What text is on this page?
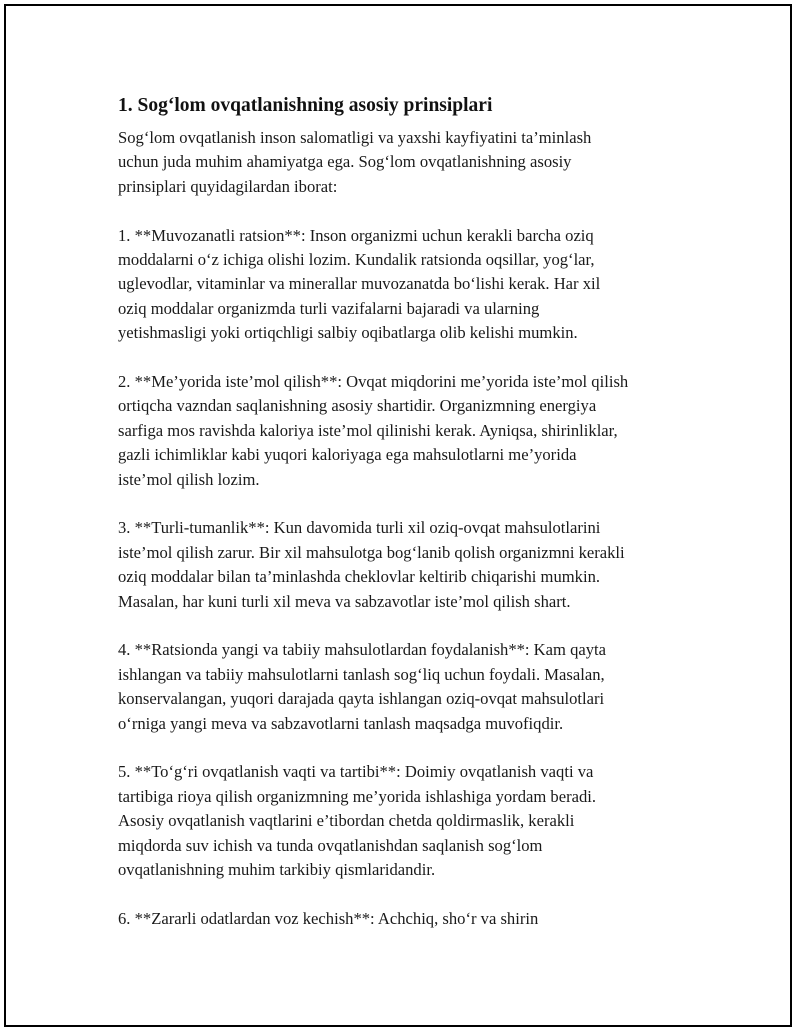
1. Sog‘lom ovqatlanishning asosiy prinsiplari
Sog‘lom ovqatlanish inson salomatligi va yaxshi kayfiyatini ta’minlash
uchun juda muhim ahamiyatga ega. Sog‘lom ovqatlanishning asosiy
prinsiplari quyidagilardan iborat:
1. **Muvozanatli ratsion**: Inson organizmi uchun kerakli barcha oziq
moddalarni o‘z ichiga olishi lozim. Kundalik ratsionda oqsillar, yog‘lar,
uglevodlar, vitaminlar va minerallar muvozanatda bo‘lishi kerak. Har xil
oziq moddalar organizmda turli vazifalarni bajaradi va ularning
yetishmasligi yoki ortiqchligi salbiy oqibatlarga olib kelishi mumkin.
2. **Me’yorida iste’mol qilish**: Ovqat miqdorini me’yorida iste’mol qilish
ortiqcha vazndan saqlanishning asosiy shartidir. Organizmning energiya
sarfiga mos ravishda kaloriya iste’mol qilinishi kerak. Ayniqsa, shirinliklar,
gazli ichimliklar kabi yuqori kaloriyaga ega mahsulotlarni me’yorida
iste’mol qilish lozim.
3. **Turli-tumanlik**: Kun davomida turli xil oziq-ovqat mahsulotlarini
iste’mol qilish zarur. Bir xil mahsulotga bog‘lanib qolish organizmni kerakli
oziq moddalar bilan ta’minlashda cheklovlar keltirib chiqarishi mumkin.
Masalan, har kuni turli xil meva va sabzavotlar iste’mol qilish shart.
4. **Ratsionda yangi va tabiiy mahsulotlardan foydalanish**: Kam qayta
ishlangan va tabiiy mahsulotlarni tanlash sog‘liq uchun foydali. Masalan,
konservalangan, yuqori darajada qayta ishlangan oziq-ovqat mahsulotlari
o‘rniga yangi meva va sabzavotlarni tanlash maqsadga muvofiqdir.
5. **To‘g‘ri ovqatlanish vaqti va tartibi**: Doimiy ovqatlanish vaqti va
tartibiga rioya qilish organizmning me’yorida ishlashiga yordam beradi.
Asosiy ovqatlanish vaqtlarini e’tibordan chetda qoldirmaslik, kerakli
miqdorda suv ichish va tunda ovqatlanishdan saqlanish sog‘lom
ovqatlanishning muhim tarkibiy qismlaridandir.
6. **Zararli odatlardan voz kechish**: Achchiq, sho‘r va shirin
